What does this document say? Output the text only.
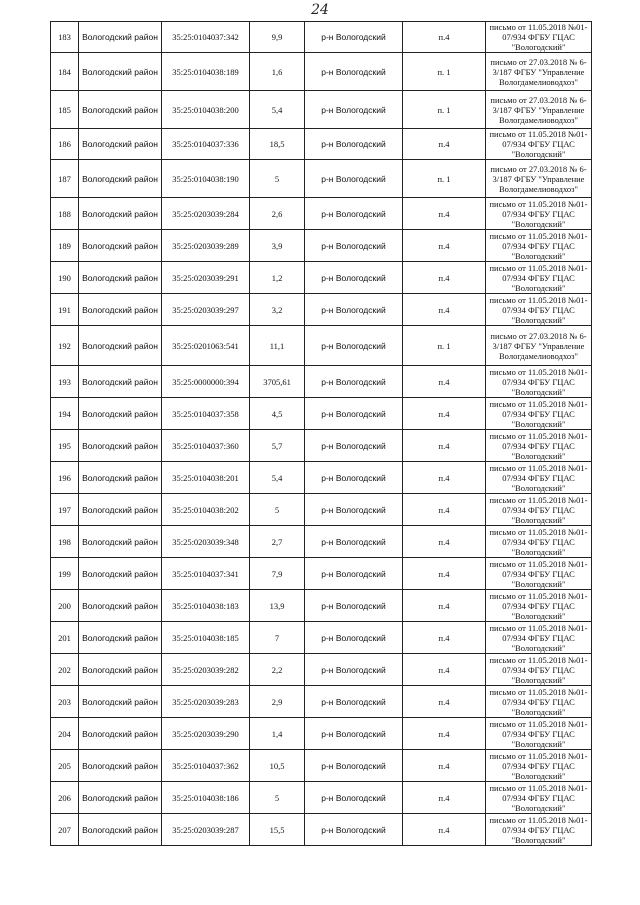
24
183	Вологодский район	35:25:0104037:342	9,9	р-н Вологодский	п.4	письмо от 11.05.2018 №01-07/934 ФГБУ ГЦАС "Вологодский"
184	Вологодский район	35:25:0104038:189	1,6	р-н Вологодский	п. 1	письмо от 27.03.2018 № 6-3/187 ФГБУ "Управление Вологдамелиоводхоз"
185	Вологодский район	35:25:0104038:200	5,4	р-н Вологодский	п. 1	письмо от 27.03.2018 № 6-3/187 ФГБУ "Управление Вологдамелиоводхоз"
186	Вологодский район	35:25:0104037:336	18,5	р-н Вологодский	п.4	письмо от 11.05.2018 №01-07/934 ФГБУ ГЦАС "Вологодский"
187	Вологодский район	35:25:0104038:190	5	р-н Вологодский	п. 1	письмо от 27.03.2018 № 6-3/187 ФГБУ "Управление Вологдамелиоводхоз"
188	Вологодский район	35:25:0203039:284	2,6	р-н Вологодский	п.4	письмо от 11.05.2018 №01-07/934 ФГБУ ГЦАС "Вологодский"
189	Вологодский район	35:25:0203039:289	3,9	р-н Вологодский	п.4	письмо от 11.05.2018 №01-07/934 ФГБУ ГЦАС "Вологодский"
190	Вологодский район	35:25:0203039:291	1,2	р-н Вологодский	п.4	письмо от 11.05.2018 №01-07/934 ФГБУ ГЦАС "Вологодский"
191	Вологодский район	35:25:0203039:297	3,2	р-н Вологодский	п.4	письмо от 11.05.2018 №01-07/934 ФГБУ ГЦАС "Вологодский"
192	Вологодский район	35:25:0201063:541	11,1	р-н Вологодский	п. 1	письмо от 27.03.2018 № 6-3/187 ФГБУ "Управление Вологдамелиоводхоз"
193	Вологодский район	35:25:0000000:394	3705,61	р-н Вологодский	п.4	письмо от 11.05.2018 №01-07/934 ФГБУ ГЦАС "Вологодский"
194	Вологодский район	35:25:0104037:358	4,5	р-н Вологодский	п.4	письмо от 11.05.2018 №01-07/934 ФГБУ ГЦАС "Вологодский"
195	Вологодский район	35:25:0104037:360	5,7	р-н Вологодский	п.4	письмо от 11.05.2018 №01-07/934 ФГБУ ГЦАС "Вологодский"
196	Вологодский район	35:25:0104038:201	5,4	р-н Вологодский	п.4	письмо от 11.05.2018 №01-07/934 ФГБУ ГЦАС "Вологодский"
197	Вологодский район	35:25:0104038:202	5	р-н Вологодский	п.4	письмо от 11.05.2018 №01-07/934 ФГБУ ГЦАС "Вологодский"
198	Вологодский район	35:25:0203039:348	2,7	р-н Вологодский	п.4	письмо от 11.05.2018 №01-07/934 ФГБУ ГЦАС "Вологодский"
199	Вологодский район	35:25:0104037:341	7,9	р-н Вологодский	п.4	письмо от 11.05.2018 №01-07/934 ФГБУ ГЦАС "Вологодский"
200	Вологодский район	35:25:0104038:183	13,9	р-н Вологодский	п.4	письмо от 11.05.2018 №01-07/934 ФГБУ ГЦАС "Вологодский"
201	Вологодский район	35:25:0104038:185	7	р-н Вологодский	п.4	письмо от 11.05.2018 №01-07/934 ФГБУ ГЦАС "Вологодский"
202	Вологодский район	35:25:0203039:282	2,2	р-н Вологодский	п.4	письмо от 11.05.2018 №01-07/934 ФГБУ ГЦАС "Вологодский"
203	Вологодский район	35:25:0203039:283	2,9	р-н Вологодский	п.4	письмо от 11.05.2018 №01-07/934 ФГБУ ГЦАС "Вологодский"
204	Вологодский район	35:25:0203039:290	1,4	р-н Вологодский	п.4	письмо от 11.05.2018 №01-07/934 ФГБУ ГЦАС "Вологодский"
205	Вологодский район	35:25:0104037:362	10,5	р-н Вологодский	п.4	письмо от 11.05.2018 №01-07/934 ФГБУ ГЦАС "Вологодский"
206	Вологодский район	35:25:0104038:186	5	р-н Вологодский	п.4	письмо от 11.05.2018 №01-07/934 ФГБУ ГЦАС "Вологодский"
207	Вологодский район	35:25:0203039:287	15,5	р-н Вологодский	п.4	письмо от 11.05.2018 №01-07/934 ФГБУ ГЦАС "Вологодский"
